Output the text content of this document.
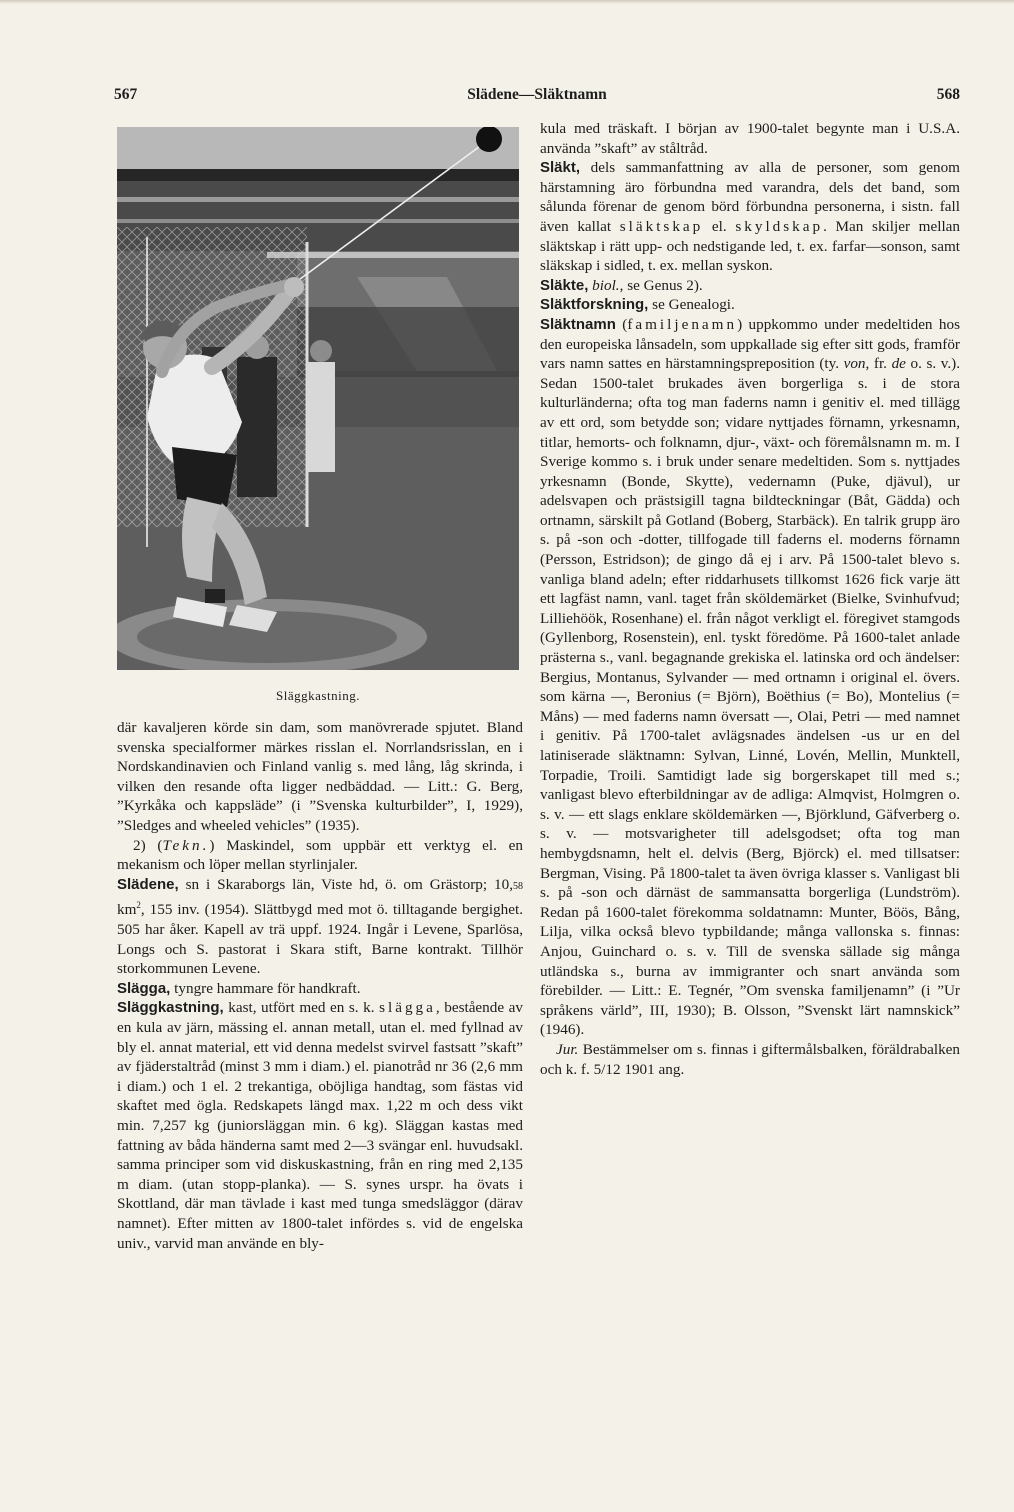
567	Slädene—Släktnamn	568
Släggkastning.

där kavaljeren körde sin dam, som manövrerade spjutet. Bland svenska specialformer märkes risslan el. Norrlandsrisslan, en i Nordskandinavien och Finland vanlig s. med lång, låg skrinda, i vilken den resande ofta ligger nedbäddad. — Litt.: G. Berg, ”Kyrkåka och kappsläde” (i ”Svenska kulturbilder”, I, 1929), ”Sledges and wheeled vehicles” (1935).

2) (Tekn.) Maskindel, som uppbär ett verktyg el. en mekanism och löper mellan styrlinjaler.

Slädene, sn i Skaraborgs län, Viste hd, ö. om Grästorp; 10,58 $km^2$, 155 inv. (1954). Slättbygd med mot ö. tilltagande bergighet. 505 har åker. Kapell av trä uppf. 1924. Ingår i Levene, Sparlösa, Longs och S. pastorat i Skara stift, Barne kontrakt. Tillhör storkommunen Levene.

Slägga, tyngre hammare för handkraft.

Släggkastning, kast, utfört med en s. k. slägga, bestående av en kula av järn, mässing el. annan metall, utan el. med fyllnad av bly el. annat material, ett vid denna medelst svirvel fastsatt ”skaft” av fjäderstaltråd (minst 3 mm i diam.) el. pianotråd nr 36 (2,6 mm i diam.) och 1 el. 2 trekantiga, oböjliga handtag, som fästas vid skaftet med ögla. Redskapets längd max. 1,22 m och dess vikt min. 7,257 kg (juniorsläggan min. 6 kg). Släggan kastas med fattning av båda händerna samt med 2—3 svängar enl. huvudsakl. samma principer som vid diskuskastning, från en ring med 2,135 m diam. (utan stopp-planka). — S. synes urspr. ha övats i Skottland, där man tävlade i kast med tunga smedsläggor (därav namnet). Efter mitten av 1800-talet infördes s. vid de engelska univ., varvid man använde en bly-

kula med träskaft. I början av 1900-talet begynte man i U.S.A. använda ”skaft” av ståltråd.

Släkt, dels sammanfattning av alla de personer, som genom härstamning äro förbundna med varandra, dels det band, som sålunda förenar de genom börd förbundna personerna, i sistn. fall även kallat släktskap el. skyldskap. Man skiljer mellan släktskap i rätt upp- och nedstigande led, t. ex. farfar—sonson, samt släkskap i sidled, t. ex. mellan syskon.

Släkte, biol., se Genus 2).

Släktforskning, se Genealogi.

Släktnamn (familjenamn) uppkommo under medeltiden hos den europeiska lånsadeln, som uppkallade sig efter sitt gods, framför vars namn sattes en härstamningspreposition (ty. von, fr. de o. s. v.). Sedan 1500-talet brukades även borgerliga s. i de stora kulturländerna; ofta tog man faderns namn i genitiv el. med tillägg av ett ord, som betydde son; vidare nyttjades förnamn, yrkesnamn, titlar, hemorts- och folknamn, djur-, växt- och föremålsnamn m. m. I Sverige kommo s. i bruk under senare medeltiden. Som s. nyttjades yrkesnamn (Bonde, Skytte), vedernamn (Puke, djävul), ur adelsvapen och prästsigill tagna bildteckningar (Båt, Gädda) och ortnamn, särskilt på Gotland (Boberg, Starbäck). En talrik grupp äro s. på -son och -dotter, tillfogade till faderns el. moderns förnamn (Persson, Estridson); de gingo då ej i arv. På 1500-talet blevo s. vanliga bland adeln; efter riddarhusets tillkomst 1626 fick varje ätt ett lagfäst namn, vanl. taget från sköldemärket (Bielke, Svinhufvud; Lilliehöök, Rosenhane) el. från något verkligt el. föregivet stamgods (Gyllenborg, Rosenstein), enl. tyskt föredöme. På 1600-talet anlade prästerna s., vanl. begagnande grekiska el. latinska ord och ändelser: Bergius, Montanus, Sylvander — med ortnamn i original el. övers. som kärna —, Beronius (= Björn), Boëthius (= Bo), Montelius (= Måns) — med faderns namn översatt —, Olai, Petri — med namnet i genitiv. På 1700-talet avlägsnades ändelsen -us ur en del latiniserade släktnamn: Sylvan, Linné, Lovén, Mellin, Munktell, Torpadie, Troili. Samtidigt lade sig borgerskapet till med s.; vanligast blevo efterbildningar av de adliga: Almqvist, Holmgren o. s. v. — ett slags enklare sköldemärken —, Björklund, Gäfverberg o. s. v. — motsvarigheter till adelsgodset; ofta tog man hembygdsnamn, helt el. delvis (Berg, Björck) el. med tillsatser: Bergman, Vising. På 1800-talet ta även övriga klasser s. Vanligast bli s. på -son och därnäst de sammansatta borgerliga (Lundström). Redan på 1600-talet förekomma soldatnamn: Munter, Böös, Bång, Lilja, vilka också blevo typbildande; många vallonska s. finnas: Anjou, Guinchard o. s. v. Till de svenska sällade sig många utländska s., burna av immigranter och snart använda som förebilder. — Litt.: E. Tegnér, ”Om svenska familjenamn” (i ”Ur språkens värld”, III, 1930); B. Olsson, ”Svenskt lärt namnskick” (1946).

Jur. Bestämmelser om s. finnas i giftermålsbalken, föräldrabalken och k. f. 5/12 1901 ang.
